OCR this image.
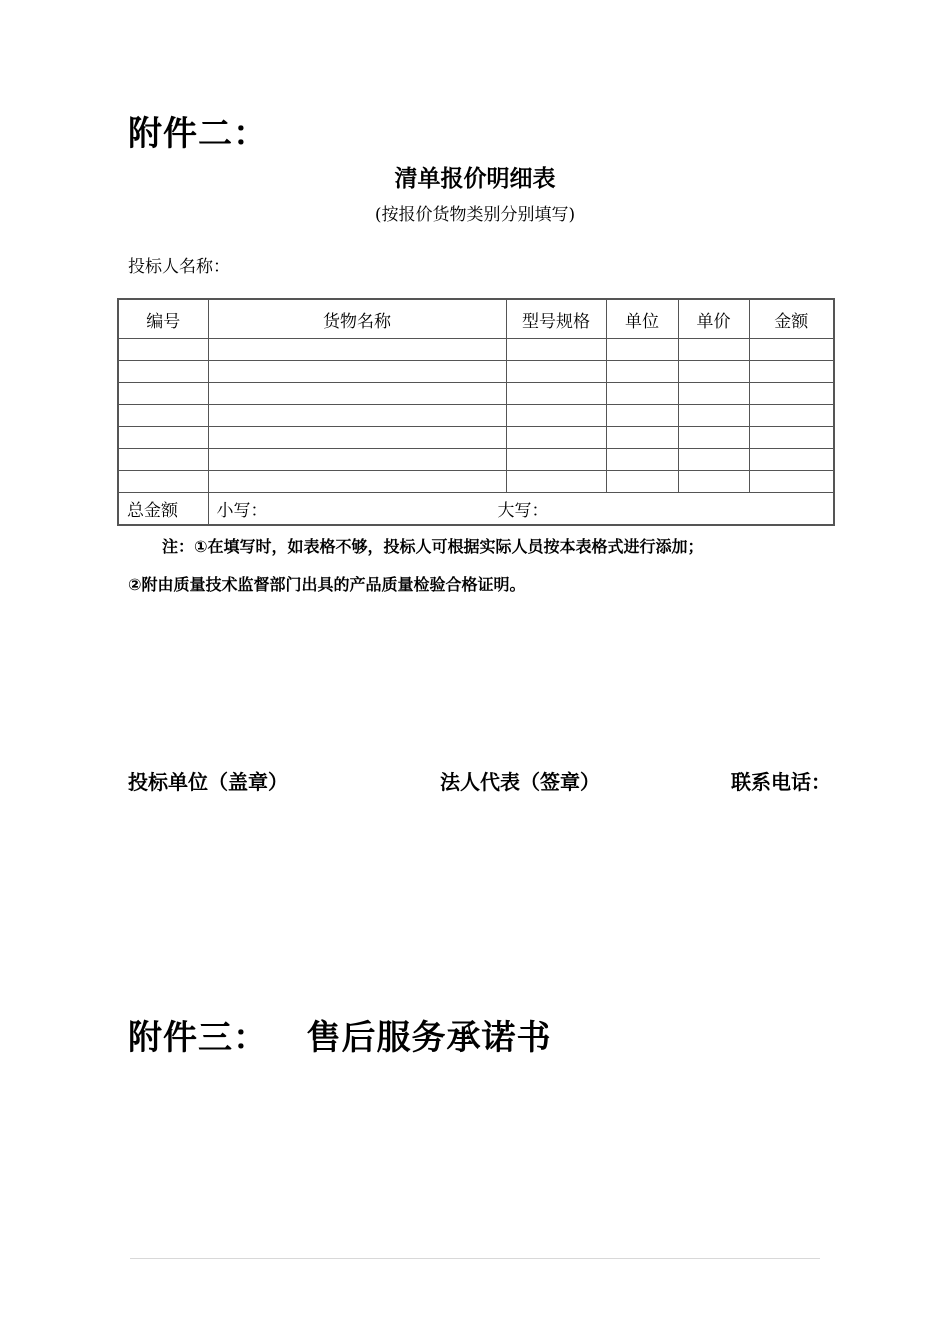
附件二：
清单报价明细表
(按报价货物类别分别填写)
投标人名称：
编号	货物名称	型号规格	单位	单价	金额

总金额	小写： 大写：				
注：①在填写时，如表格不够，投标人可根据实际人员按本表格式进行添加；
②附由质量技术监督部门出具的产品质量检验合格证明。
投标单位（盖章）	法人代表（签章）	联系电话：
附件三：   售后服务承诺书
